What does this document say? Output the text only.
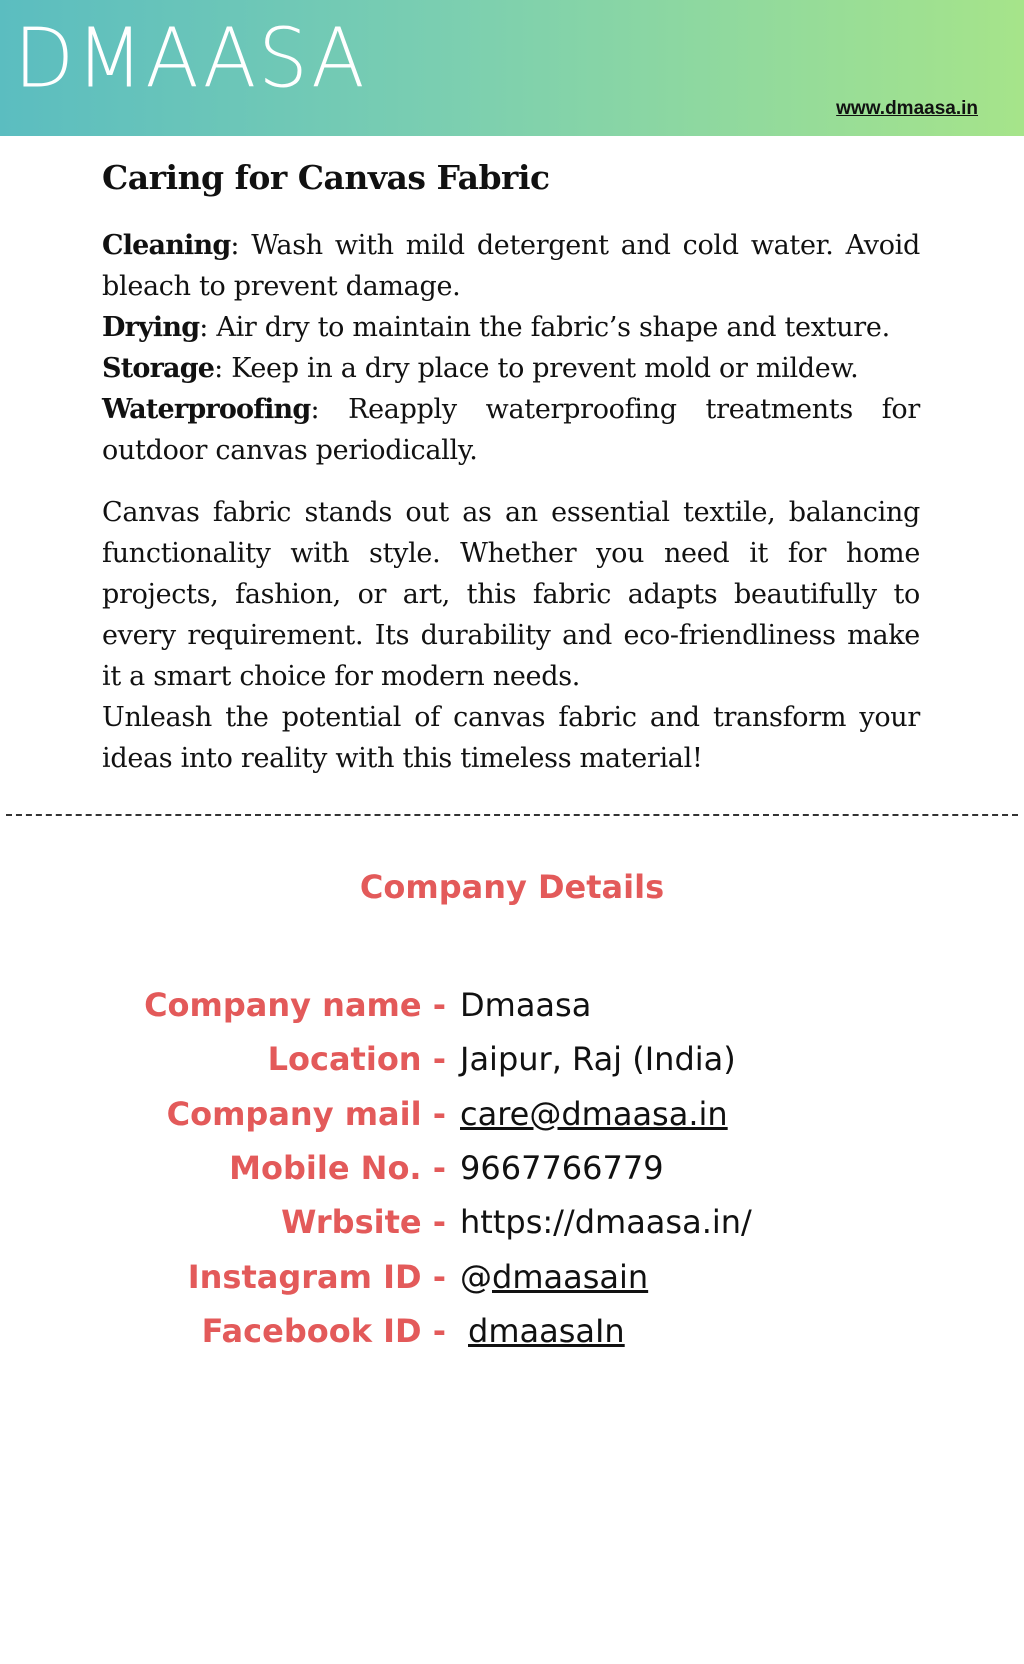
DMAASA
www.dmaasa.in
Caring for Canvas Fabric

Cleaning: Wash with mild detergent and cold water. Avoid bleach to prevent damage.
Drying: Air dry to maintain the fabric’s shape and texture.
Storage: Keep in a dry place to prevent mold or mildew.
Waterproofing: Reapply waterproofing treatments for outdoor canvas periodically.

Canvas fabric stands out as an essential textile, balancing functionality with style. Whether you need it for home projects, fashion, or art, this fabric adapts beautifully to every requirement. Its durability and eco-friendliness make it a smart choice for modern needs.

Unleash the potential of canvas fabric and transform your ideas into reality with this timeless material!

Company Details
Company name - Dmaasa
Location - Jaipur, Raj (India)
Company mail - care@dmaasa.in
Mobile No. - 9667766779
Wrbsite - https://dmaasa.in/
Instagram ID - @dmaasain
Facebook ID - dmaasaIn
